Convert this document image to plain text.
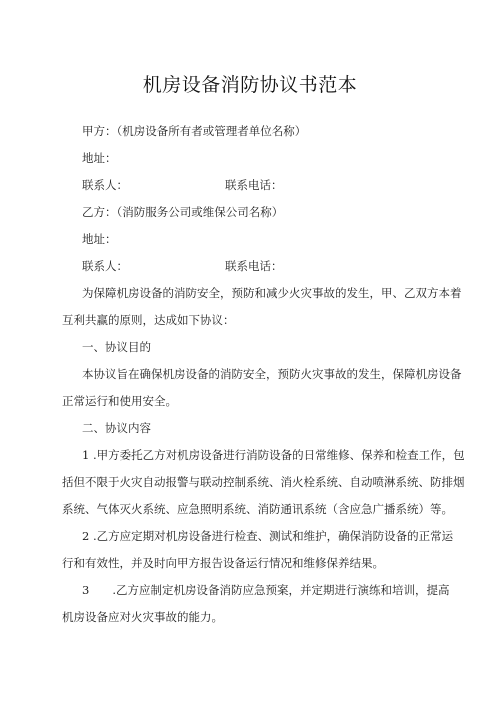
机房设备消防协议书范本
甲方：（机房设备所有者或管理者单位名称）
地址：
联系人：	联系电话：
乙方：（消防服务公司或维保公司名称）
地址：
联系人：	联系电话：
为保障机房设备的消防安全，预防和减少火灾事故的发生，甲、乙双方本着
互利共赢的原则，达成如下协议：
一、协议目的
本协议旨在确保机房设备的消防安全，预防火灾事故的发生，保障机房设备
正常运行和使用安全。
二、协议内容
1 .甲方委托乙方对机房设备进行消防设备的日常维修、保养和检查工作，包
括但不限于火灾自动报警与联动控制系统、消火栓系统、自动喷淋系统、防排烟
系统、气体灭火系统、应急照明系统、消防通讯系统（含应急广播系统）等。
2 .乙方应定期对机房设备进行检查、测试和维护，确保消防设备的正常运
行和有效性，并及时向甲方报告设备运行情况和维修保养结果。
3　　.乙方应制定机房设备消防应急预案，并定期进行演练和培训，提高
机房设备应对火灾事故的能力。
